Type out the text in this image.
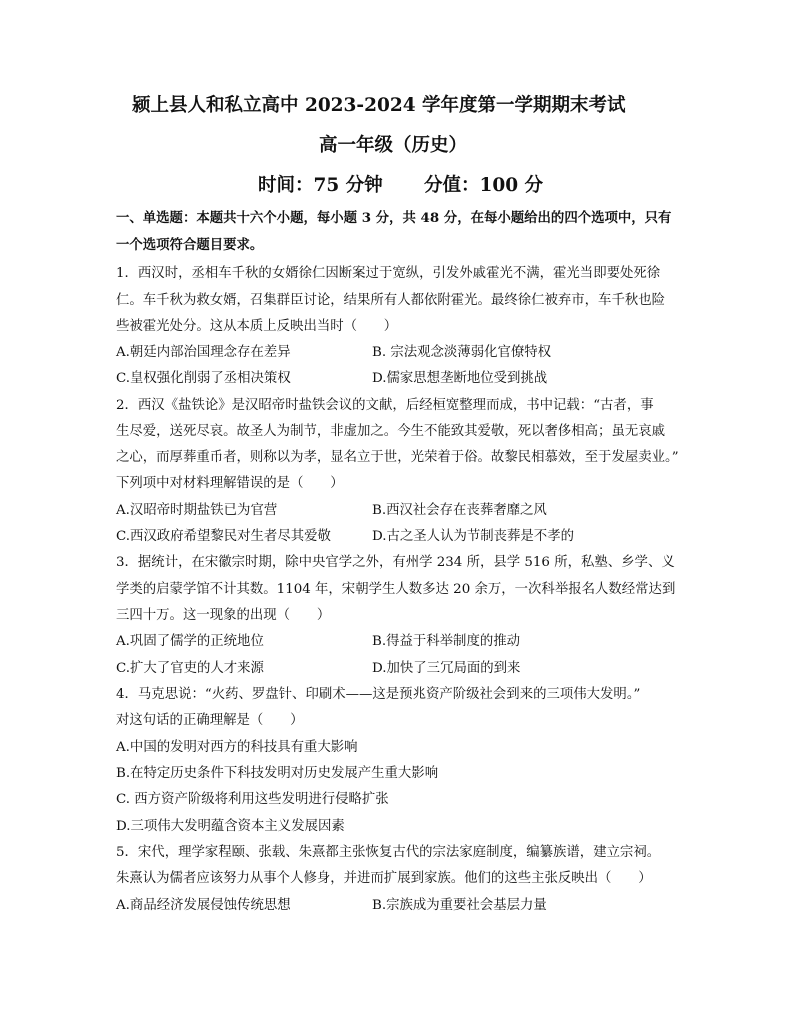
颍上县人和私立高中 2023-2024 学年度第一学期期末考试
高一年级（历史）
时间：75 分钟 分值：100 分
一、单选题：本题共十六个小题，每小题 3 分，共 48 分，在每小题给出的四个选项中，只有
一个选项符合题目要求。
1．西汉时，丞相车千秋的女婿徐仁因断案过于宽纵，引发外戚霍光不满，霍光当即要处死徐
仁。车千秋为救女婿，召集群臣讨论，结果所有人都依附霍光。最终徐仁被弃市，车千秋也险
些被霍光处分。这从本质上反映出当时（　　）
A.朝廷内部治国理念存在差异	B. 宗法观念淡薄弱化官僚特权
C.皇权强化削弱了丞相决策权	D.儒家思想垄断地位受到挑战
2．西汉《盐铁论》是汉昭帝时盐铁会议的文献，后经桓宽整理而成，书中记载：“古者，事
生尽爱，送死尽哀。故圣人为制节，非虚加之。今生不能致其爱敬，死以奢侈相高；虽无哀戚
之心，而厚葬重币者，则称以为孝，显名立于世，光荣着于俗。故黎民相慕效，至于发屋卖业。”
下列项中对材料理解错误的是（　　）
A.汉昭帝时期盐铁已为官营	B.西汉社会存在丧葬奢靡之风
C.西汉政府希望黎民对生者尽其爱敬	D.古之圣人认为节制丧葬是不孝的
3．据统计，在宋徽宗时期，除中央官学之外，有州学 234 所，县学 516 所，私塾、乡学、义
学类的启蒙学馆不计其数。1104 年，宋朝学生人数多达 20 余万，一次科举报名人数经常达到
三四十万。这一现象的出现（　　）
A.巩固了儒学的正统地位	B.得益于科举制度的推动
C.扩大了官吏的人才来源	D.加快了三冗局面的到来
4．马克思说：“火药、罗盘针、印刷术——这是预兆资产阶级社会到来的三项伟大发明。”
对这句话的正确理解是（　　）
A.中国的发明对西方的科技具有重大影响
B.在特定历史条件下科技发明对历史发展产生重大影响
C. 西方资产阶级将利用这些发明进行侵略扩张
D.三项伟大发明蕴含资本主义发展因素
5．宋代，理学家程颐、张载、朱熹都主张恢复古代的宗法家庭制度，编纂族谱，建立宗祠。
朱熹认为儒者应该努力从事个人修身，并进而扩展到家族。他们的这些主张反映出（　　）
A.商品经济发展侵蚀传统思想	B.宗族成为重要社会基层力量
